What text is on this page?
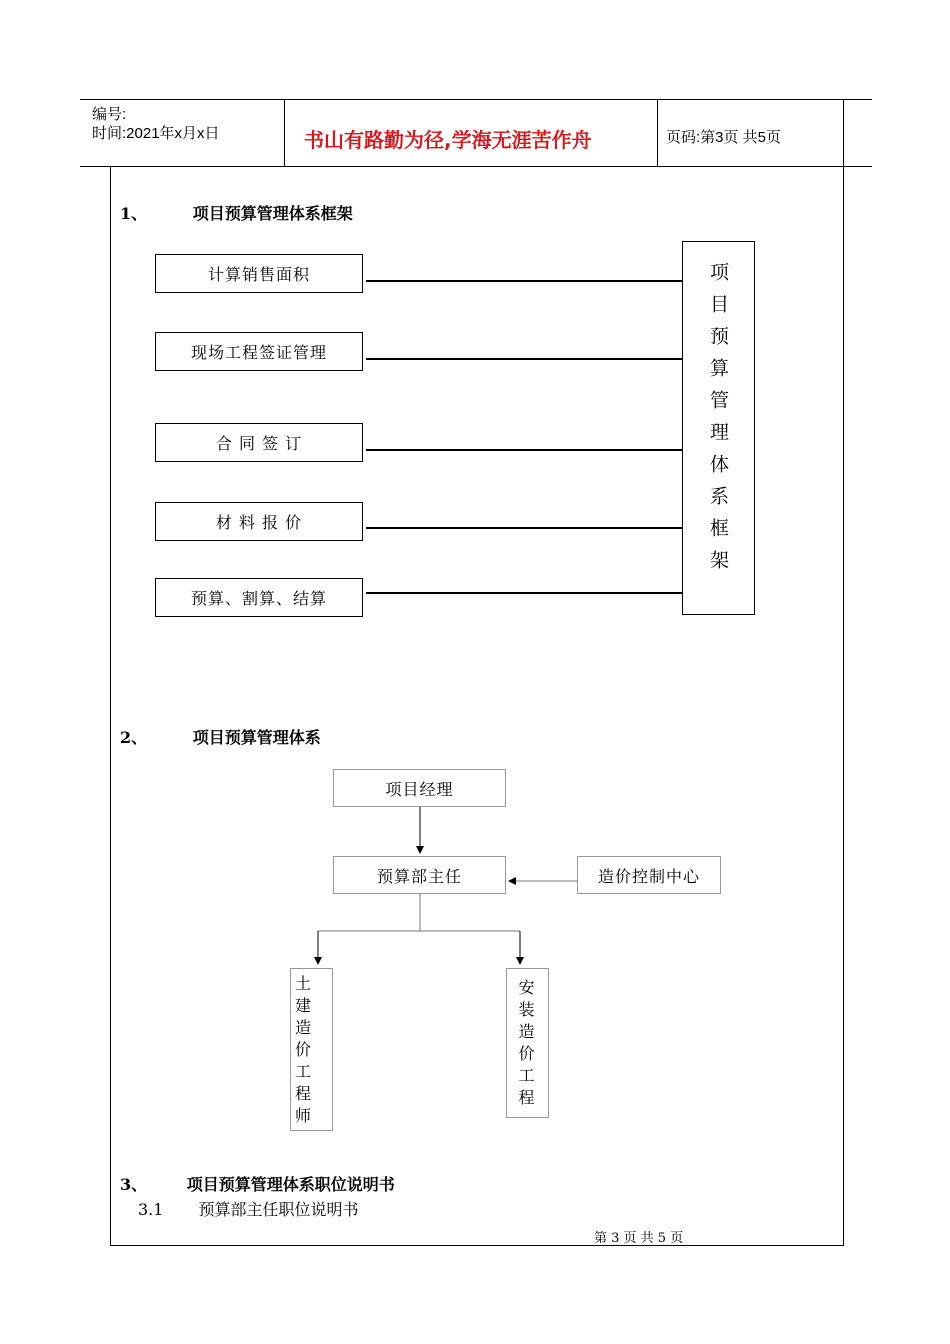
编号:
时间:2021年x月x日	书山有路勤为径,学海无涯苦作舟	页码:第3页 共5页
1、 项目预算管理体系框架
计算销售面积
现场工程签证管理
合 同 签 订
材 料 报 价
预算、割算、结算
项目预算管理体系框架
2、 项目预算管理体系
项目经理
预算部主任	造价控制中心
土建造价工程师
安装造价工程
3、 项目预算管理体系职位说明书
3.1 预算部主任职位说明书
第 3 页 共 5 页
